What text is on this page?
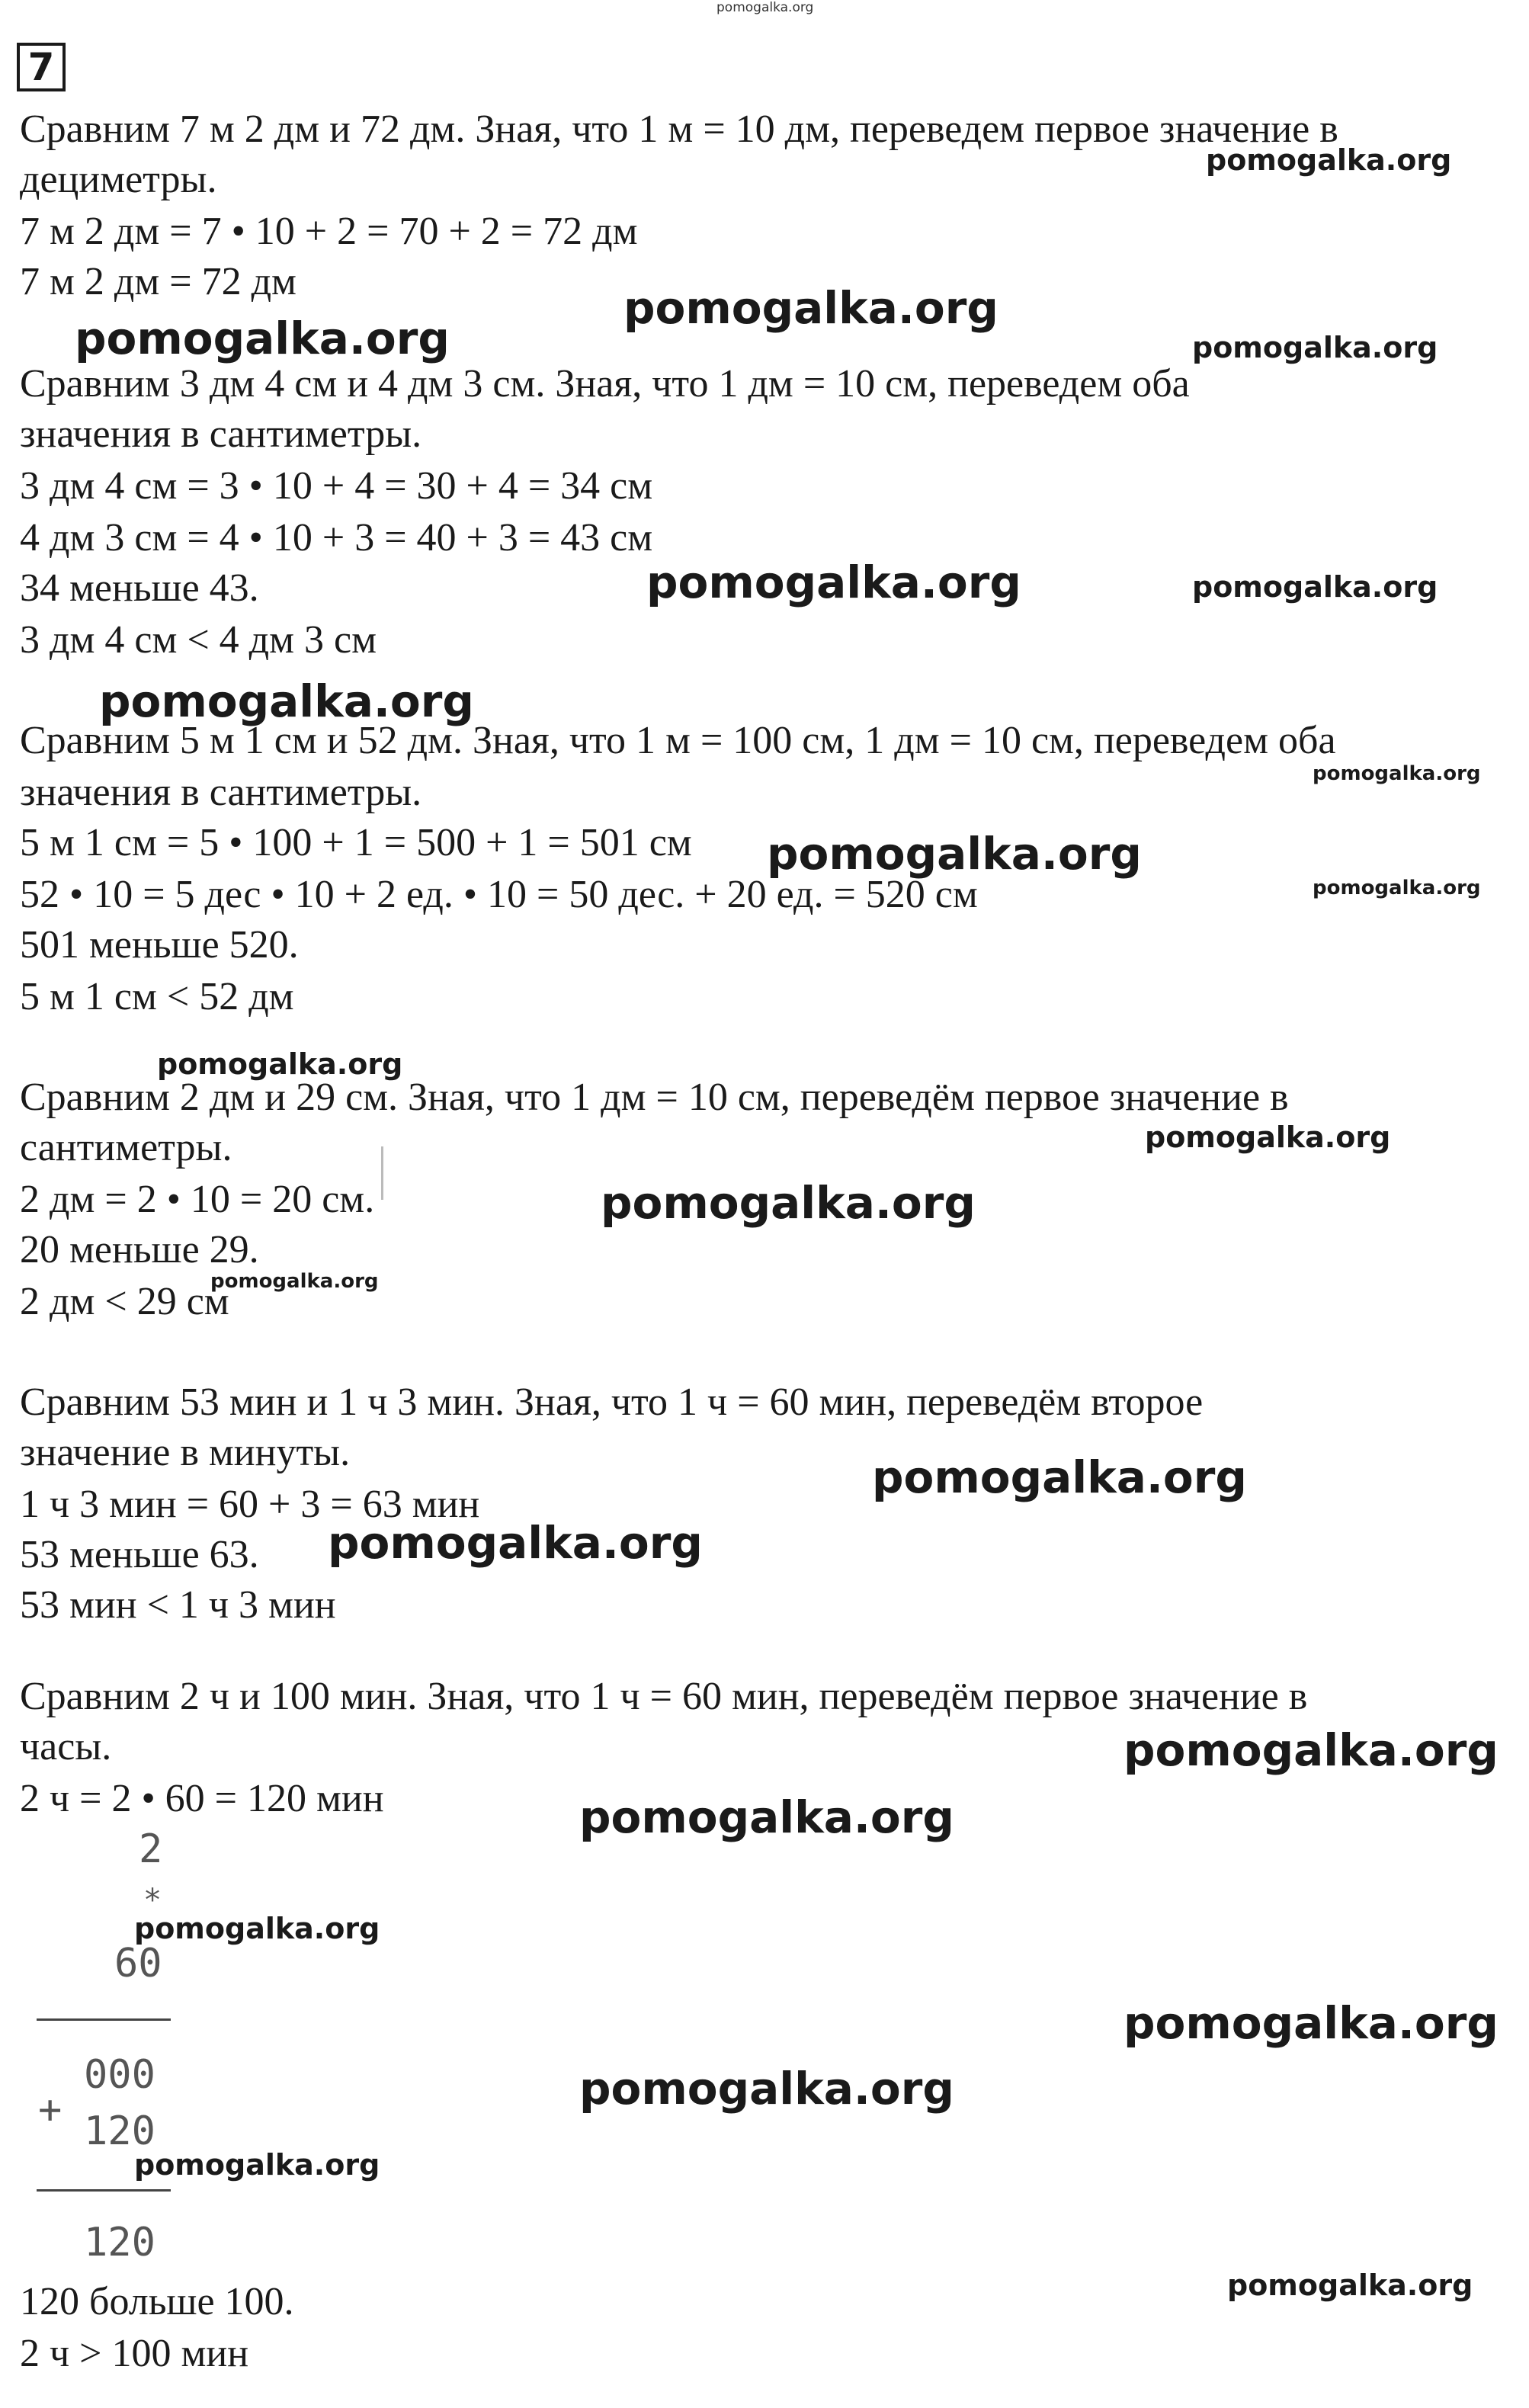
pomogalka.org
pomogalka.org
pomogalka.org
pomogalka.org
pomogalka.org
pomogalka.org	pomogalka.org
pomogalka.org
pomogalka.org
pomogalka.org
pomogalka.org
pomogalka.org
pomogalka.org
pomogalka.org
pomogalka.org
pomogalka.org
pomogalka.org
pomogalka.org
pomogalka.org
pomogalka.org
pomogalka.org
pomogalka.org
pomogalka.org
pomogalka.org
7
Сравним 7 м 2 дм и 72 дм. Зная, что 1 м = 10 дм, переведем первое значение в
дециметры.
7 м 2 дм = 7 • 10 + 2 = 70 + 2 = 72 дм
7 м 2 дм = 72 дм
Сравним 3 дм 4 см и 4 дм 3 см. Зная, что 1 дм = 10 см, переведем оба
значения в сантиметры.
3 дм 4 см = 3 • 10 + 4 = 30 + 4 = 34 см
4 дм 3 см = 4 • 10 + 3 = 40 + 3 = 43 см
34 меньше 43.
3 дм 4 см < 4 дм 3 см
Сравним 5 м 1 см и 52 дм. Зная, что 1 м = 100 см, 1 дм = 10 см, переведем оба
значения в сантиметры.
5 м 1 см = 5 • 100 + 1 = 500 + 1 = 501 см
52 • 10 = 5 дес • 10 + 2 ед. • 10 = 50 дес. + 20 ед. = 520 см
501 меньше 520.
5 м 1 см < 52 дм
Сравним 2 дм и 29 см. Зная, что 1 дм = 10 см, переведём первое значение в
сантиметры.
2 дм = 2 • 10 = 20 см.
20 меньше 29.
2 дм < 29 см
Сравним 53 мин и 1 ч 3 мин. Зная, что 1 ч = 60 мин, переведём второе
значение в минуты.
1 ч 3 мин = 60 + 3 = 63 мин
53 меньше 63.
53 мин < 1 ч 3 мин
Сравним 2 ч и 100 мин. Зная, что 1 ч = 60 мин, переведём первое значение в
часы.
2 ч = 2 • 60 = 120 мин
2
*
60
000
+ 120
120
120 больше 100.
2 ч > 100 мин
